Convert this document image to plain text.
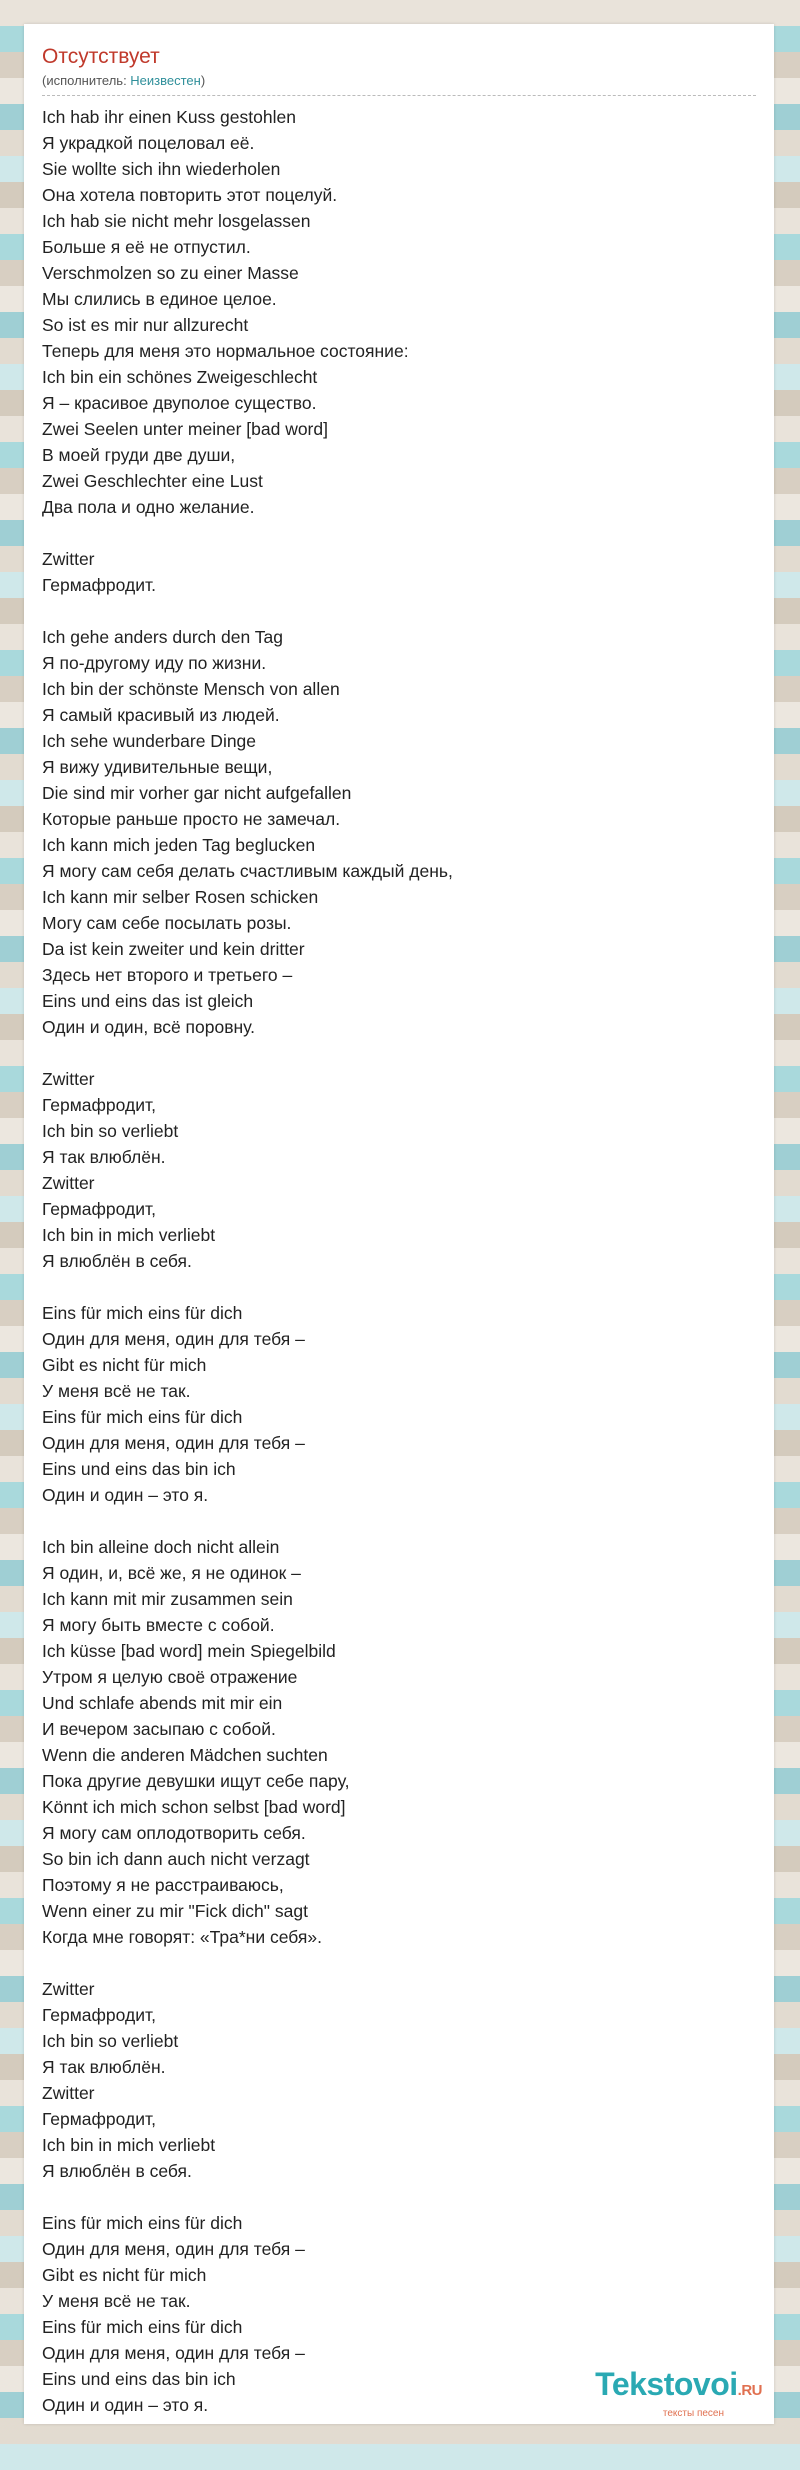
Отсутствует
(исполнитель: Неизвестен)
Ich hab ihr einen Kuss gestohlen
Я украдкой поцеловал её.
Sie wollte sich ihn wiederholen
Она хотела повторить этот поцелуй.
Ich hab sie nicht mehr losgelassen
Больше я её не отпустил.
Verschmolzen so zu einer Masse
Мы слились в единое целое.
So ist es mir nur allzurecht
Теперь для меня это нормальное состояние:
Ich bin ein schönes Zweigeschlecht
Я – красивое двуполое существо.
Zwei Seelen unter meiner [bad word]
В моей груди две души,
Zwei Geschlechter eine Lust
Два пола и одно желание.
Zwitter
Гермафродит.
Ich gehe anders durch den Tag
Я по-другому иду по жизни.
Ich bin der schönste Mensch von allen
Я самый красивый из людей.
Ich sehe wunderbare Dinge
Я вижу удивительные вещи,
Die sind mir vorher gar nicht aufgefallen
Которые раньше просто не замечал.
Ich kann mich jeden Tag beglucken
Я могу сам себя делать счастливым каждый день,
Ich kann mir selber Rosen schicken
Могу сам себе посылать розы.
Da ist kein zweiter und kein dritter
Здесь нет второго и третьего –
Eins und eins das ist gleich
Один и один, всё поровну.
Zwitter
Гермафродит,
Ich bin so verliebt
Я так влюблён.
Zwitter
Гермафродит,
Ich bin in mich verliebt
Я влюблён в себя.
Eins für mich eins für dich
Один для меня, один для тебя –
Gibt es nicht für mich
У меня всё не так.
Eins für mich eins für dich
Один для меня, один для тебя –
Eins und eins das bin ich
Один и один – это я.
Ich bin alleine doch nicht allein
Я один, и, всё же, я не одинок –
Ich kann mit mir zusammen sein
Я могу быть вместе с собой.
Ich küsse [bad word] mein Spiegelbild
Утром я целую своё отражение
Und schlafe abends mit mir ein
И вечером засыпаю с собой.
Wenn die anderen Mädchen suchten
Пока другие девушки ищут себе пару,
Könnt ich mich schon selbst [bad word]
Я могу сам оплодотворить себя.
So bin ich dann auch nicht verzagt
Поэтому я не расстраиваюсь,
Wenn einer zu mir "Fick dich" sagt
Когда мне говорят: «Тра*ни себя».
Zwitter
Гермафродит,
Ich bin so verliebt
Я так влюблён.
Zwitter
Гермафродит,
Ich bin in mich verliebt
Я влюблён в себя.
Eins für mich eins für dich
Один для меня, один для тебя –
Gibt es nicht für mich
У меня всё не так.
Eins für mich eins für dich
Один для меня, один для тебя –
Eins und eins das bin ich
Один и один – это я.
Tekstovoi.RU
тексты песен
